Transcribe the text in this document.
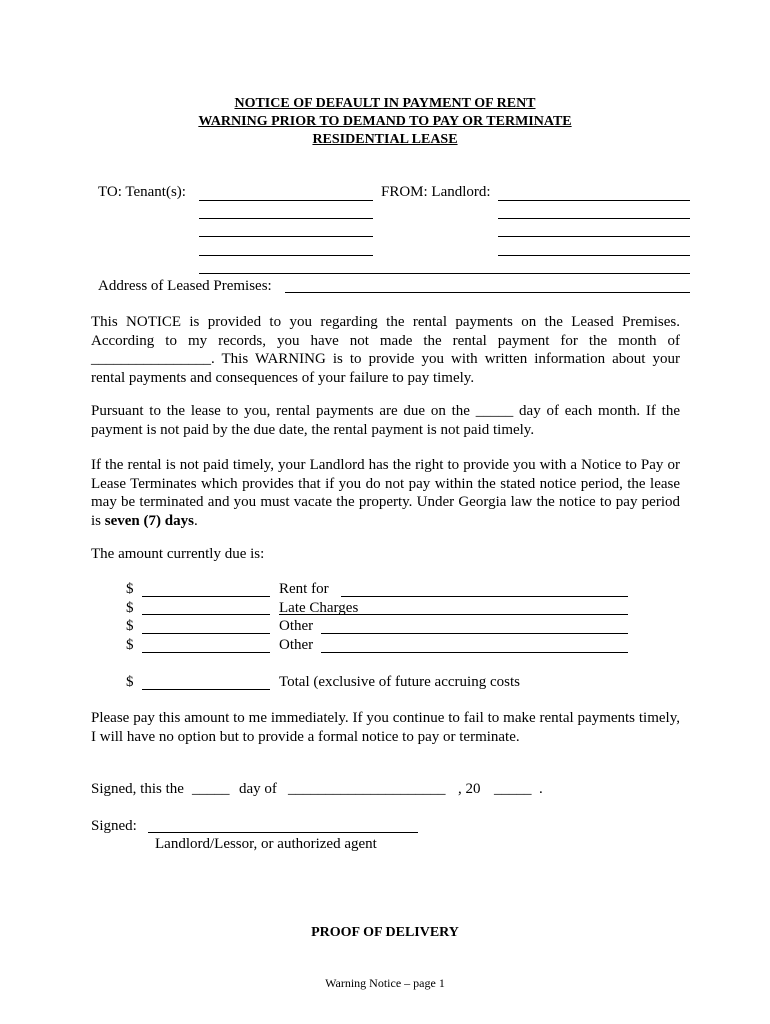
NOTICE OF DEFAULT IN PAYMENT OF RENT
WARNING PRIOR TO DEMAND TO PAY OR TERMINATE
RESIDENTIAL LEASE
TO: Tenant(s):	FROM: Landlord:
Address of Leased Premises:

This NOTICE is provided to you regarding the rental payments on the Leased Premises. According to my records, you have not made the rental payment for the month of ________________. This WARNING is to provide you with written information about your rental payments and consequences of your failure to pay timely.

Pursuant to the lease to you, rental payments are due on the _____ day of each month. If the payment is not paid by the due date, the rental payment is not paid timely.

If the rental is not paid timely, your Landlord has the right to provide you with a Notice to Pay or Lease Terminates which provides that if you do not pay within the stated notice period, the lease may be terminated and you must vacate the property. Under Georgia law the notice to pay period is seven (7) days.

The amount currently due is:
$	Rent for
$	Late Charges
$	Other
$	Other
$	Total (exclusive of future accruing costs

Please pay this amount to me immediately. If you continue to fail to make rental payments timely, I will have no option but to provide a formal notice to pay or terminate.

Signed, this the _____ day of _____________________ , 20 _____ .
Signed:
Landlord/Lessor, or authorized agent
PROOF OF DELIVERY
Warning Notice – page 1
